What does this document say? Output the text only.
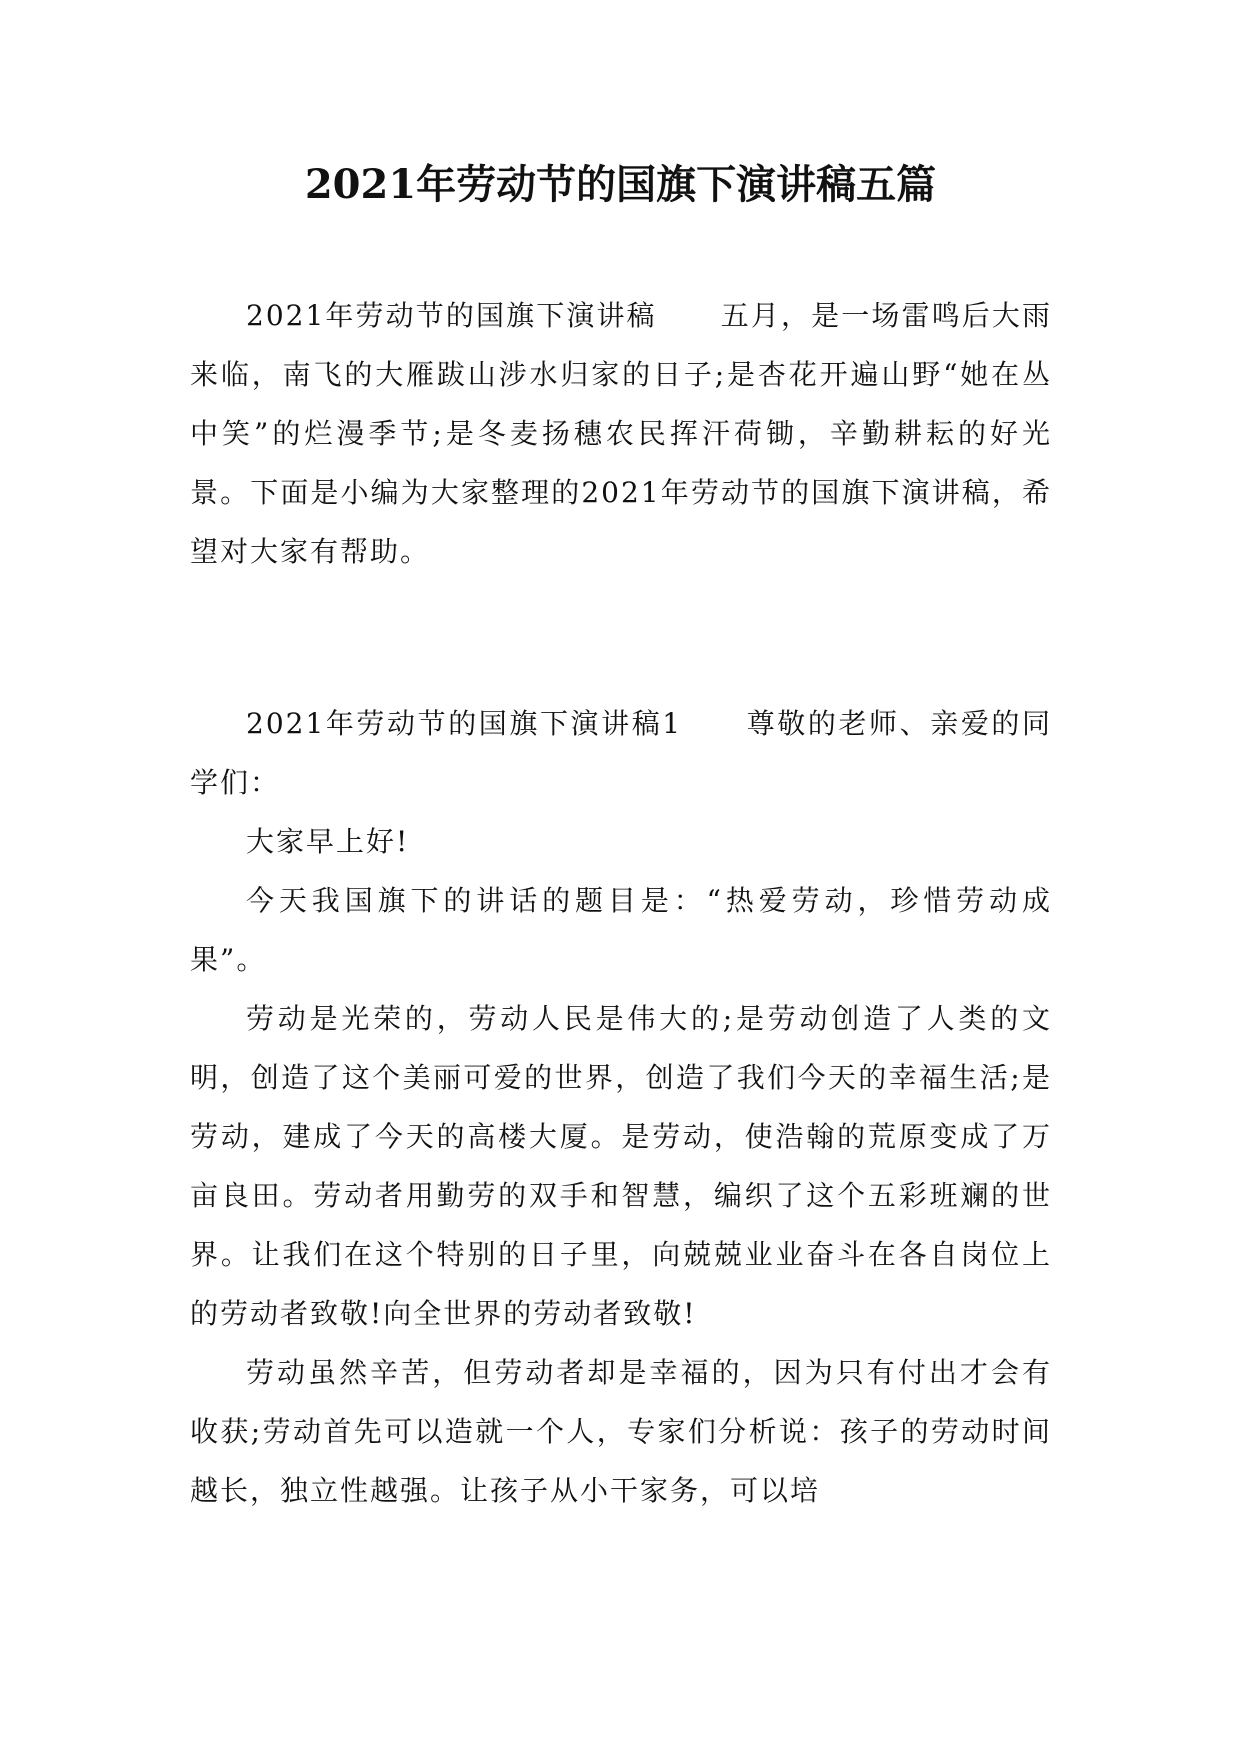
2021年劳动节的国旗下演讲稿五篇

2021年劳动节的国旗下演讲稿 五月，是一场雷鸣后大雨来临，南飞的大雁跋山涉水归家的日子;是杏花开遍山野“她在丛中笑”的烂漫季节;是冬麦扬穗农民挥汗荷锄，辛勤耕耘的好光景。下面是小编为大家整理的2021年劳动节的国旗下演讲稿，希望对大家有帮助。

2021年劳动节的国旗下演讲稿1 尊敬的老师、亲爱的同学们：

大家早上好!

今天我国旗下的讲话的题目是：“热爱劳动，珍惜劳动成果”。

劳动是光荣的，劳动人民是伟大的;是劳动创造了人类的文明，创造了这个美丽可爱的世界，创造了我们今天的幸福生活;是劳动，建成了今天的高楼大厦。是劳动，使浩翰的荒原变成了万亩良田。劳动者用勤劳的双手和智慧，编织了这个五彩班斓的世界。让我们在这个特别的日子里，向兢兢业业奋斗在各自岗位上的劳动者致敬!向全世界的劳动者致敬!

劳动虽然辛苦，但劳动者却是幸福的，因为只有付出才会有收获;劳动首先可以造就一个人，专家们分析说：孩子的劳动时间越长，独立性越强。让孩子从小干家务，可以培
